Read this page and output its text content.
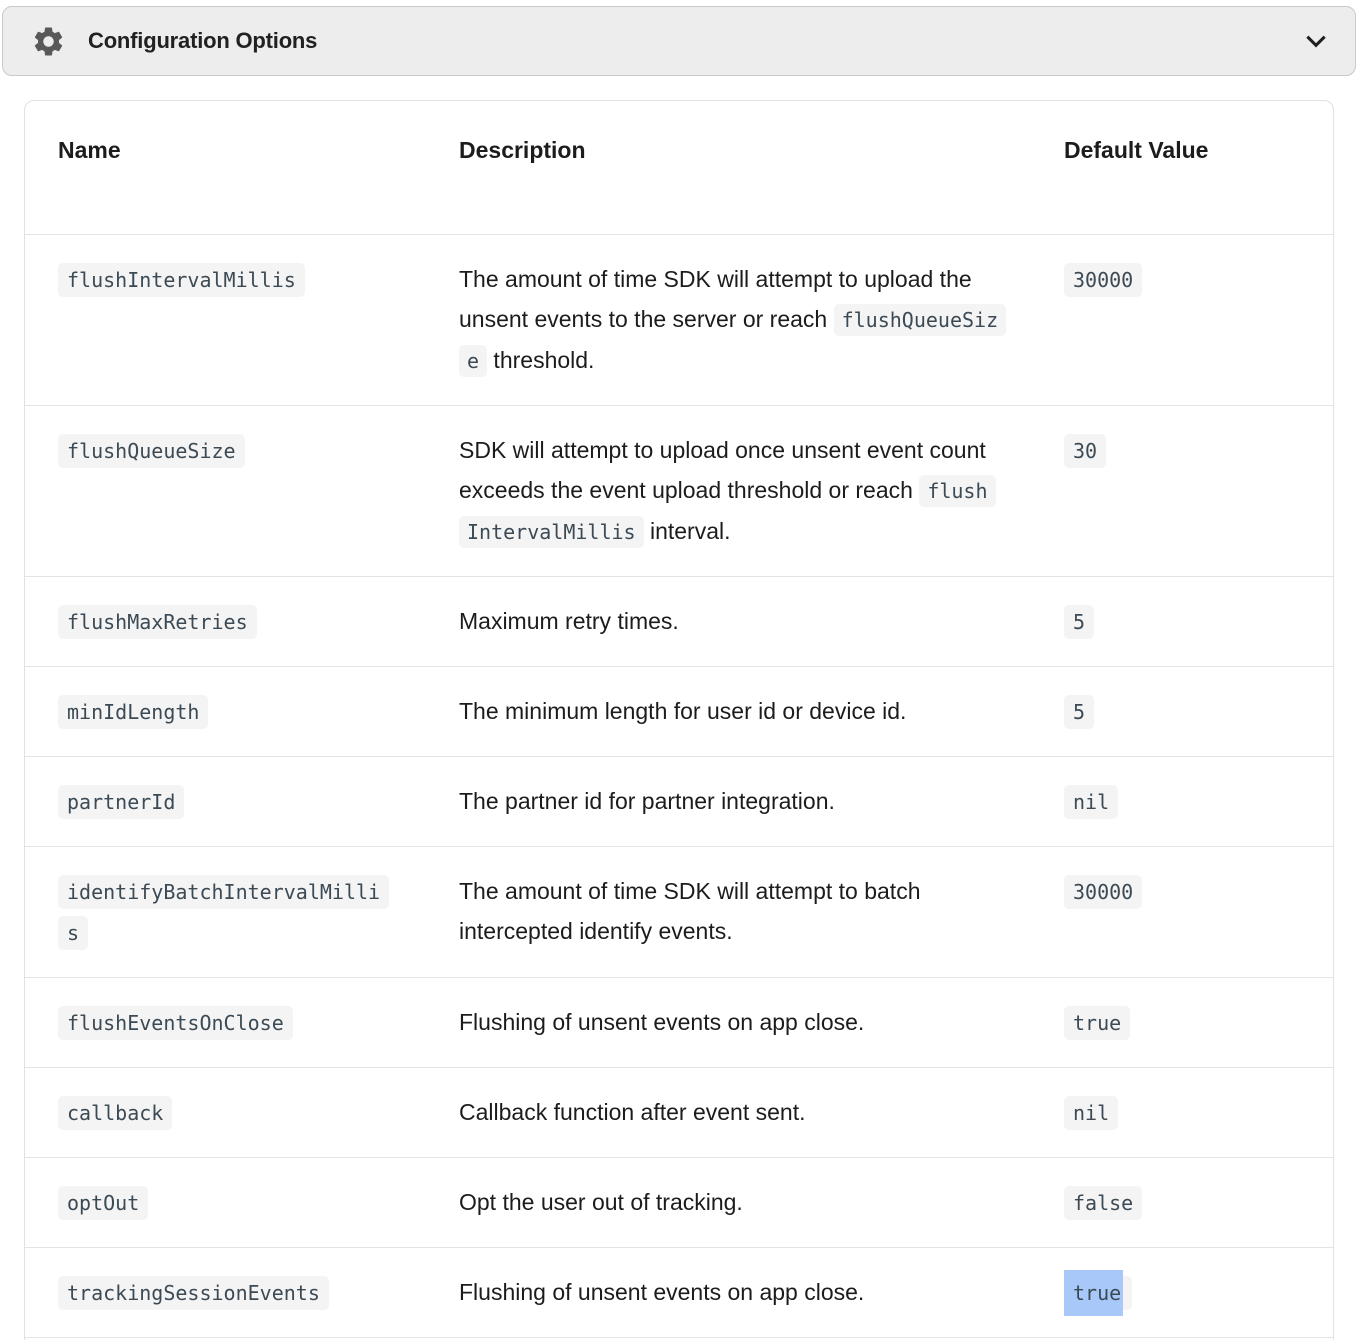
Configuration Options
Name	Description	Default Value
flushIntervalMillis	The amount of time SDK will attempt to upload the unsent events to the server or reach flushQueueSize threshold.	30000
flushQueueSize	SDK will attempt to upload once unsent event count exceeds the event upload threshold or reach flushIntervalMillis interval.	30
flushMaxRetries	Maximum retry times.	5
minIdLength	The minimum length for user id or device id.	5
partnerId	The partner id for partner integration.	nil
identifyBatchIntervalMillis	The amount of time SDK will attempt to batch intercepted identify events.	30000
flushEventsOnClose	Flushing of unsent events on app close.	true
callback	Callback function after event sent.	nil
optOut	Opt the user out of tracking.	false
trackingSessionEvents	Flushing of unsent events on app close.	true
